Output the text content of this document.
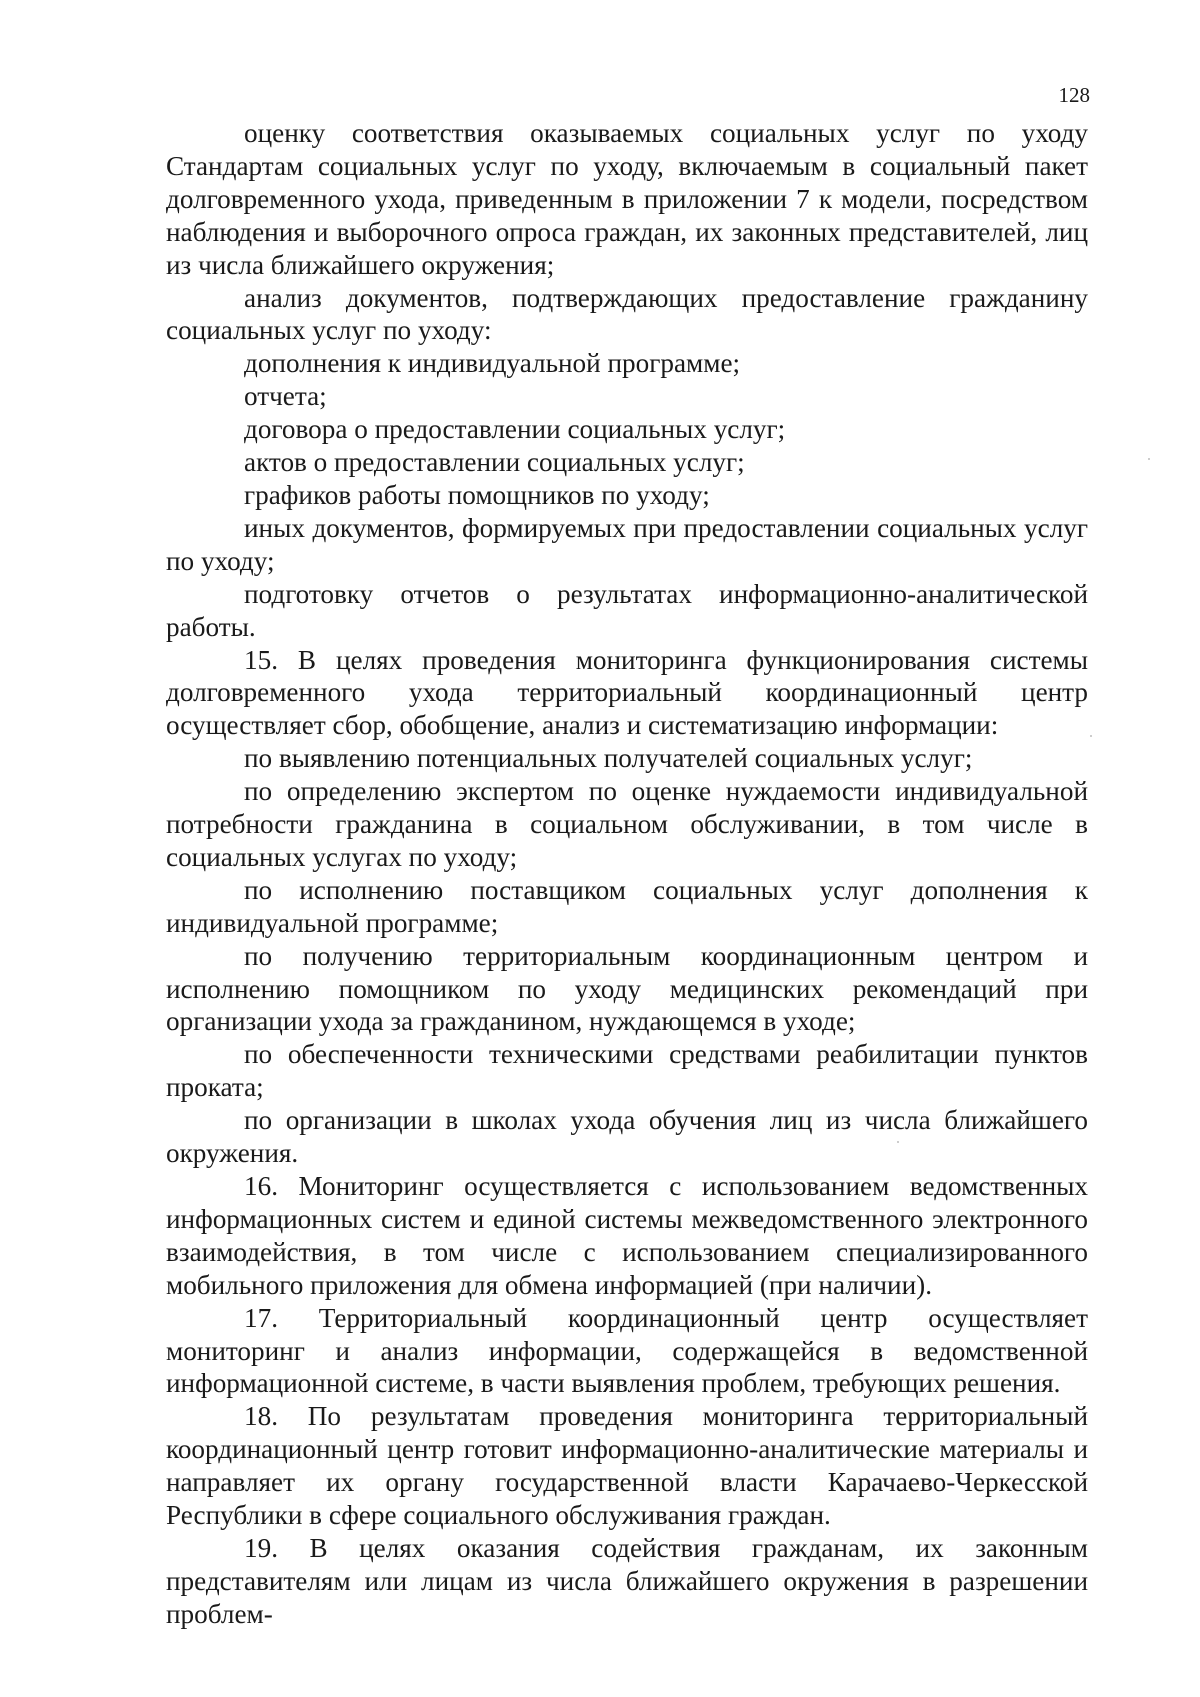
128

оценку соответствия оказываемых социальных услуг по уходу Стандартам социальных услуг по уходу, включаемым в социальный пакет долговременного ухода, приведенным в приложении 7 к модели, посредством наблюдения и выборочного опроса граждан, их законных представителей, лиц из числа ближайшего окружения;

анализ документов, подтверждающих предоставление гражданину социальных услуг по уходу:

дополнения к индивидуальной программе;

отчета;

договора о предоставлении социальных услуг;

актов о предоставлении социальных услуг;

графиков работы помощников по уходу;

иных документов, формируемых при предоставлении социальных услуг по уходу;

подготовку отчетов о результатах информационно-аналитической работы.

15. В целях проведения мониторинга функционирования системы долговременного ухода территориальный координационный центр осуществляет сбор, обобщение, анализ и систематизацию информации:

по выявлению потенциальных получателей социальных услуг;

по определению экспертом по оценке нуждаемости индивидуальной потребности гражданина в социальном обслуживании, в том числе в социальных услугах по уходу;

по исполнению поставщиком социальных услуг дополнения к индивидуальной программе;

по получению территориальным координационным центром и исполнению помощником по уходу медицинских рекомендаций при организации ухода за гражданином, нуждающемся в уходе;

по обеспеченности техническими средствами реабилитации пунктов проката;

по организации в школах ухода обучения лиц из числа ближайшего окружения.

16. Мониторинг осуществляется с использованием ведомственных информационных систем и единой системы межведомственного электронного взаимодействия, в том числе с использованием специализированного мобильного приложения для обмена информацией (при наличии).

17. Территориальный координационный центр осуществляет мониторинг и анализ информации, содержащейся в ведомственной информационной системе, в части выявления проблем, требующих решения.

18. По результатам проведения мониторинга территориальный координационный центр готовит информационно-аналитические материалы и направляет их органу государственной власти Карачаево-Черкесской Республики в сфере социального обслуживания граждан.

19. В целях оказания содействия гражданам, их законным представителям или лицам из числа ближайшего окружения в разрешении проблем-
